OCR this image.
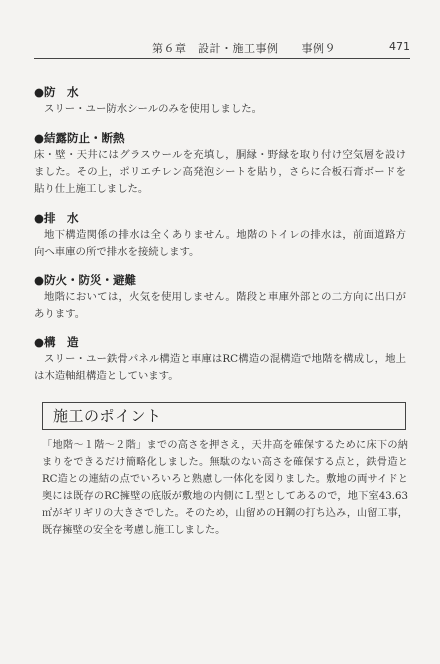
第６章　設計・施工事例　　事例９	471
●防　水
スリー・ユー防水シールのみを使用しました。
●結露防止・断熱
床・壁・天井にはグラスウールを充填し，胴縁・野縁を取り付け空気層を設けました。その上，ポリエチレン高発泡シートを貼り，さらに合板石膏ボードを貼り仕上施工しました。
●排　水
地下構造関係の排水は全くありません。地階のトイレの排水は，前面道路方向へ車庫の所で排水を接続します。
●防火・防災・避難
地階においては，火気を使用しません。階段と車庫外部との二方向に出口があります。
●構　造
スリー・ユー鉄骨パネル構造と車庫はRC構造の混構造で地階を構成し，地上は木造軸組構造としています。
施工のポイント
「地階～１階～２階」までの高さを押さえ，天井高を確保するために床下の納まりをできるだけ簡略化しました。無駄のない高さを確保する点と，鉄骨造とRC造との連結の点でいろいろと熟慮し一体化を図りました。敷地の両サイドと奥には既存のRC擁壁の底版が敷地の内側にＬ型としてあるので，地下室43.63㎡がギリギリの大きさでした。そのため，山留めのH鋼の打ち込み，山留工事，既存擁壁の安全を考慮し施工しました。
